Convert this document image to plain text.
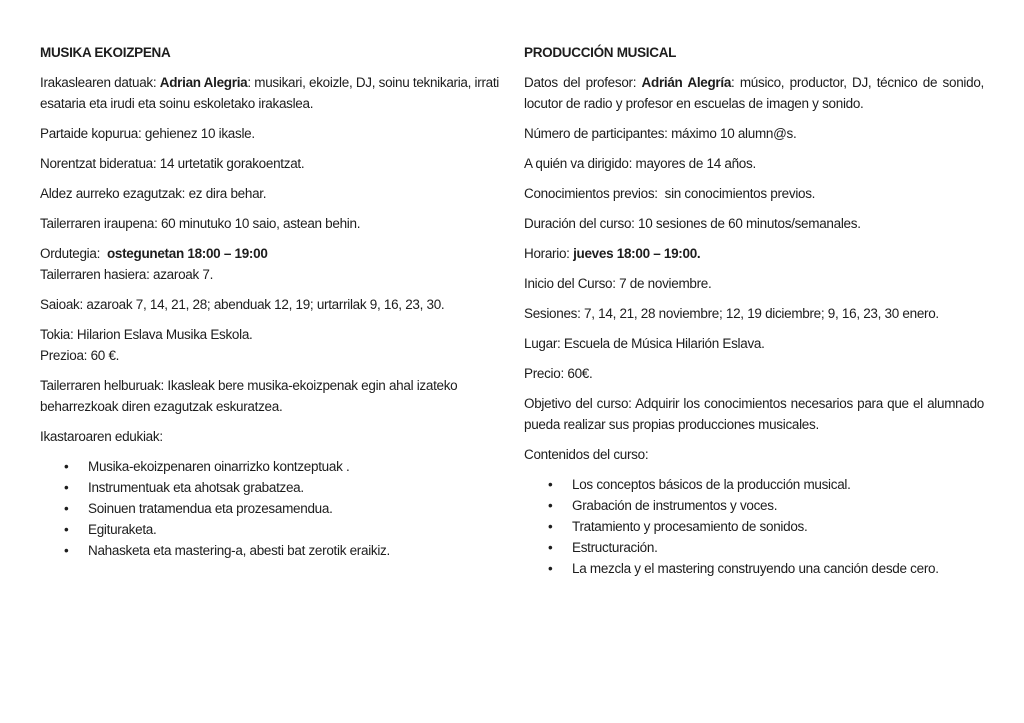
MUSIKA EKOIZPENA

Irakaslearen datuak: Adrian Alegria: musikari, ekoizle, DJ, soinu teknikaria, irrati esataria eta irudi eta soinu eskoletako irakaslea.

Partaide kopurua: gehienez 10 ikasle.

Norentzat bideratua: 14 urtetatik gorakoentzat.

Aldez aurreko ezagutzak: ez dira behar.

Tailerraren iraupena: 60 minutuko 10 saio, astean behin.

Ordutegia:  ostegunetan 18:00 – 19:00
Tailerraren hasiera: azaroak 7.

Saioak: azaroak 7, 14, 21, 28; abenduak 12, 19; urtarrilak 9, 16, 23, 30.

Tokia: Hilarion Eslava Musika Eskola.
Prezioa: 60 €.

Tailerraren helburuak: Ikasleak bere musika-ekoizpenak egin ahal izateko beharrezkoak diren ezagutzak eskuratzea.

Ikastaroaren edukiak:

•	Musika-ekoizpenaren oinarrizko kontzeptuak .
•	Instrumentuak eta ahotsak grabatzea.
•	Soinuen tratamendua eta prozesamendua.
•	Egituraketa.
•	Nahasketa eta mastering-a, abesti bat zerotik eraikiz.
PRODUCCIÓN MUSICAL

Datos del profesor: Adrián Alegría: músico, productor, DJ, técnico de sonido, locutor de radio y profesor en escuelas de imagen y sonido.

Número de participantes: máximo 10 alumn@s.

A quién va dirigido: mayores de 14 años.

Conocimientos previos:  sin conocimientos previos.

Duración del curso: 10 sesiones de 60 minutos/semanales.

Horario: jueves 18:00 – 19:00.

Inicio del Curso: 7 de noviembre.

Sesiones: 7, 14, 21, 28 noviembre; 12, 19 diciembre; 9, 16, 23, 30 enero.

Lugar: Escuela de Música Hilarión Eslava.

Precio: 60€.

Objetivo del curso: Adquirir los conocimientos necesarios para que el alumnado pueda realizar sus propias producciones musicales.

Contenidos del curso:

•	Los conceptos básicos de la producción musical.
•	Grabación de instrumentos y voces.
•	Tratamiento y procesamiento de sonidos.
•	Estructuración.
•	La mezcla y el mastering construyendo una canción desde cero.
